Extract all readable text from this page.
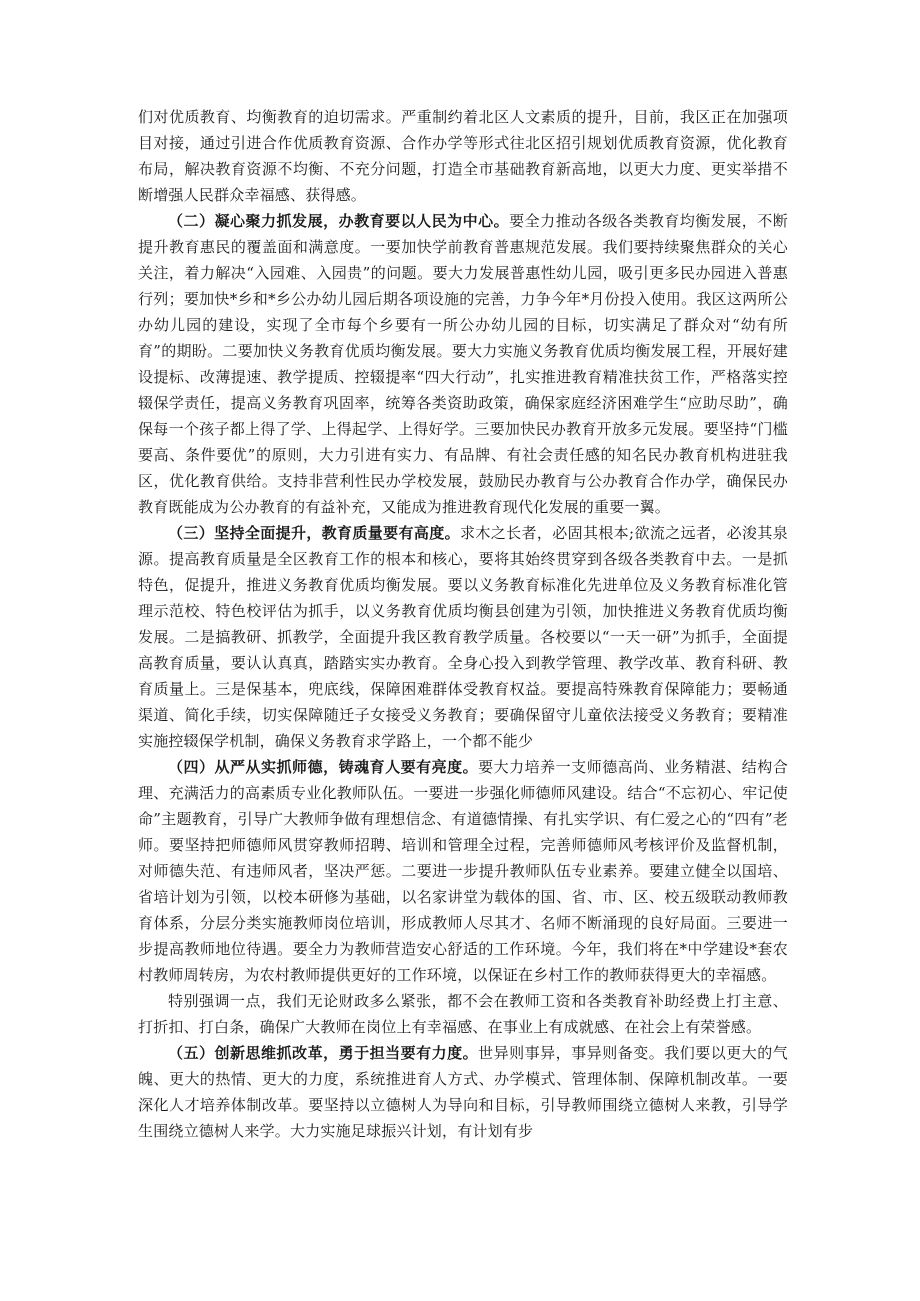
们对优质教育、均衡教育的迫切需求。严重制约着北区人文素质的提升，目前，我区正在加强项目对接，通过引进合作优质教育资源、合作办学等形式往北区招引规划优质教育资源，优化教育布局，解决教育资源不均衡、不充分问题，打造全市基础教育新高地，以更大力度、更实举措不断增强人民群众幸福感、获得感。

（二）凝心聚力抓发展，办教育要以人民为中心。要全力推动各级各类教育均衡发展，不断提升教育惠民的覆盖面和满意度。一要加快学前教育普惠规范发展。我们要持续聚焦群众的关心关注，着力解决“入园难、入园贵”的问题。要大力发展普惠性幼儿园，吸引更多民办园进入普惠行列；要加快*乡和*乡公办幼儿园后期各项设施的完善，力争今年*月份投入使用。我区这两所公办幼儿园的建设，实现了全市每个乡要有一所公办幼儿园的目标，切实满足了群众对“幼有所育”的期盼。二要加快义务教育优质均衡发展。要大力实施义务教育优质均衡发展工程，开展好建设提标、改薄提速、教学提质、控辍提率“四大行动”，扎实推进教育精准扶贫工作，严格落实控辍保学责任，提高义务教育巩固率，统筹各类资助政策，确保家庭经济困难学生“应助尽助”，确保每一个孩子都上得了学、上得起学、上得好学。三要加快民办教育开放多元发展。要坚持“门槛要高、条件要优”的原则，大力引进有实力、有品牌、有社会责任感的知名民办教育机构进驻我区，优化教育供给。支持非营利性民办学校发展，鼓励民办教育与公办教育合作办学，确保民办教育既能成为公办教育的有益补充，又能成为推进教育现代化发展的重要一翼。

（三）坚持全面提升，教育质量要有高度。求木之长者，必固其根本;欲流之远者，必浚其泉源。提高教育质量是全区教育工作的根本和核心，要将其始终贯穿到各级各类教育中去。一是抓特色，促提升，推进义务教育优质均衡发展。要以义务教育标准化先进单位及义务教育标准化管理示范校、特色校评估为抓手，以义务教育优质均衡县创建为引领，加快推进义务教育优质均衡发展。二是搞教研、抓教学，全面提升我区教育教学质量。各校要以“一天一研”为抓手，全面提高教育质量，要认认真真，踏踏实实办教育。全身心投入到教学管理、教学改革、教育科研、教育质量上。三是保基本，兜底线，保障困难群体受教育权益。要提高特殊教育保障能力；要畅通渠道、简化手续，切实保障随迁子女接受义务教育；要确保留守儿童依法接受义务教育；要精准实施控辍保学机制，确保义务教育求学路上，一个都不能少

（四）从严从实抓师德，铸魂育人要有亮度。要大力培养一支师德高尚、业务精湛、结构合理、充满活力的高素质专业化教师队伍。一要进一步强化师德师风建设。结合“不忘初心、牢记使命”主题教育，引导广大教师争做有理想信念、有道德情操、有扎实学识、有仁爱之心的“四有”老师。要坚持把师德师风贯穿教师招聘、培训和管理全过程，完善师德师风考核评价及监督机制，对师德失范、有违师风者，坚决严惩。二要进一步提升教师队伍专业素养。要建立健全以国培、省培计划为引领，以校本研修为基础，以名家讲堂为载体的国、省、市、区、校五级联动教师教育体系，分层分类实施教师岗位培训，形成教师人尽其才、名师不断涌现的良好局面。三要进一步提高教师地位待遇。要全力为教师营造安心舒适的工作环境。今年，我们将在*中学建设*套农村教师周转房，为农村教师提供更好的工作环境，以保证在乡村工作的教师获得更大的幸福感。

特别强调一点，我们无论财政多么紧张，都不会在教师工资和各类教育补助经费上打主意、打折扣、打白条，确保广大教师在岗位上有幸福感、在事业上有成就感、在社会上有荣誉感。

（五）创新思维抓改革，勇于担当要有力度。世异则事异，事异则备变。我们要以更大的气魄、更大的热情、更大的力度，系统推进育人方式、办学模式、管理体制、保障机制改革。一要深化人才培养体制改革。要坚持以立德树人为导向和目标，引导教师围绕立德树人来教，引导学生围绕立德树人来学。大力实施足球振兴计划，有计划有步
